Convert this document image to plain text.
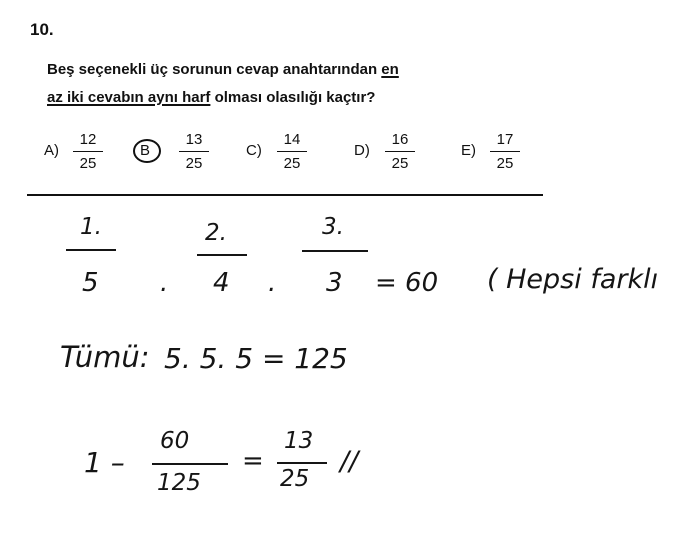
10.
Beş seçenekli üç sorunun cevap anahtarından en
az iki cevabın aynı harf olması olasılığı kaçtır?
A)
12
25
B
13
25
C)
14
25
D)
16
25
E)
17
25
1.	2.	3.
5 . 4 . 3 = 60 ( Hepsi farklı
Tümü: 5. 5. 5 = 125
1 –
60
125
=
13
25
//
